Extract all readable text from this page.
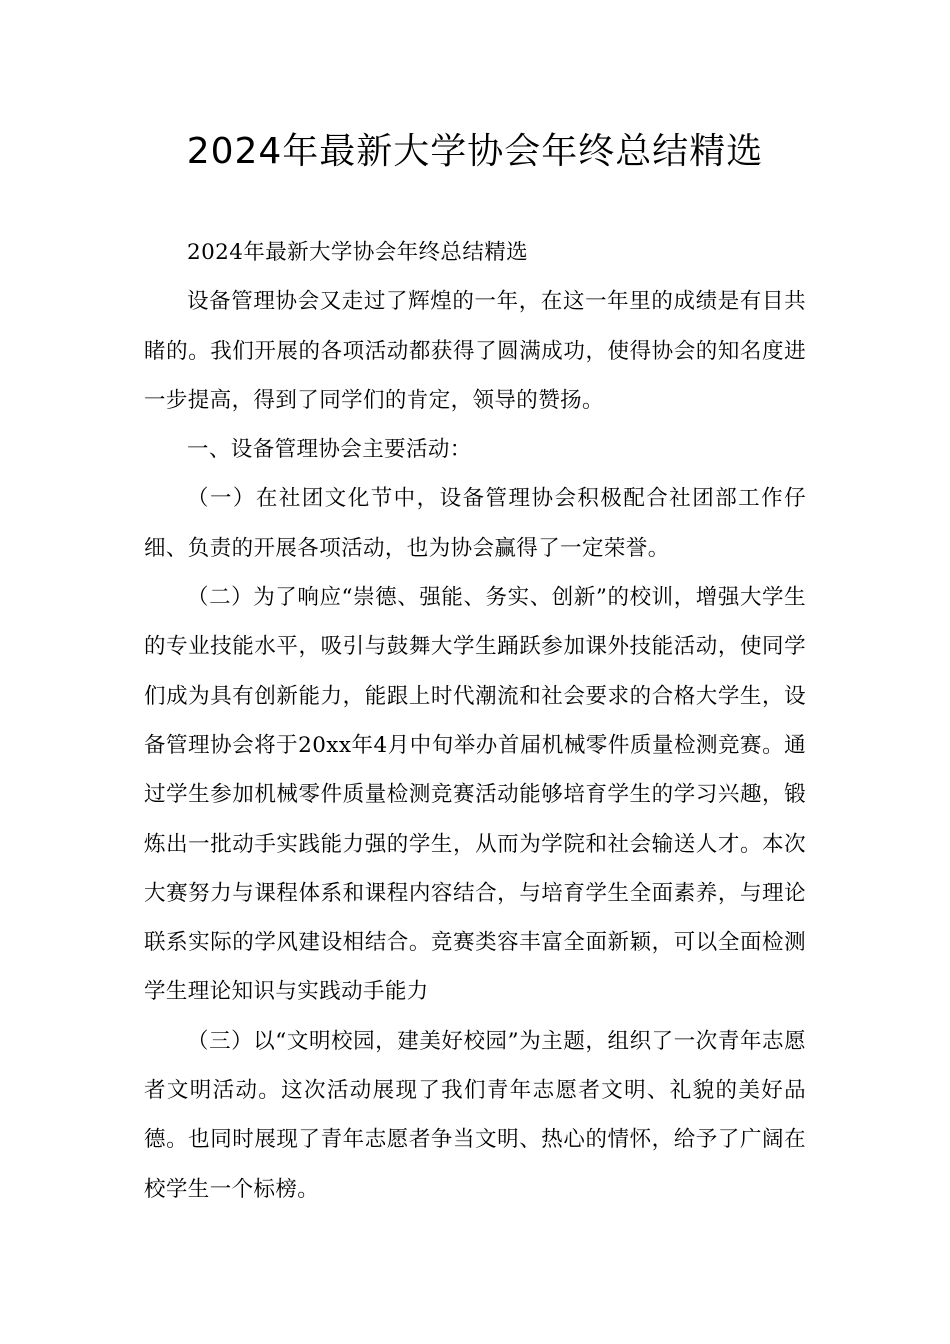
2024年最新大学协会年终总结精选

2024年最新大学协会年终总结精选

设备管理协会又走过了辉煌的一年，在这一年里的成绩是有目共睹的。我们开展的各项活动都获得了圆满成功，使得协会的知名度进一步提高，得到了同学们的肯定，领导的赞扬。

一、设备管理协会主要活动：

（一）在社团文化节中，设备管理协会积极配合社团部工作仔细、负责的开展各项活动，也为协会赢得了一定荣誉。

（二）为了响应“崇德、强能、务实、创新”的校训，增强大学生的专业技能水平，吸引与鼓舞大学生踊跃参加课外技能活动，使同学们成为具有创新能力，能跟上时代潮流和社会要求的合格大学生，设备管理协会将于20xx年4月中旬举办首届机械零件质量检测竞赛。通过学生参加机械零件质量检测竞赛活动能够培育学生的学习兴趣，锻炼出一批动手实践能力强的学生，从而为学院和社会输送人才。本次大赛努力与课程体系和课程内容结合，与培育学生全面素养，与理论联系实际的学风建设相结合。竞赛类容丰富全面新颖，可以全面检测学生理论知识与实践动手能力

（三）以“文明校园，建美好校园”为主题，组织了一次青年志愿者文明活动。这次活动展现了我们青年志愿者文明、礼貌的美好品德。也同时展现了青年志愿者争当文明、热心的情怀，给予了广阔在校学生一个标榜。
